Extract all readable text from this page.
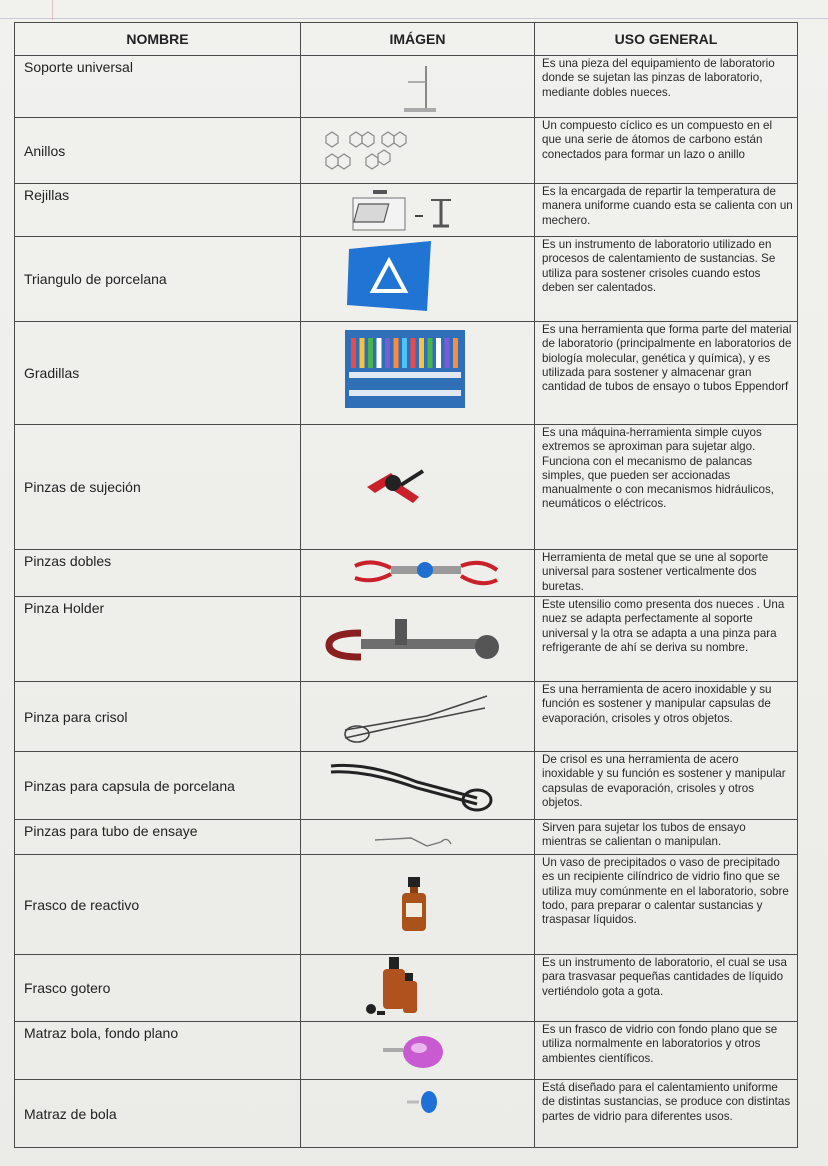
NOMBRE	IMÁGEN	USO GENERAL
Soporte universal		Es una pieza del equipamiento de laboratorio donde se sujetan las pinzas de laboratorio, mediante dobles nueces.
Anillos		Un compuesto cíclico es un compuesto en el que una serie de átomos de carbono están conectados para formar un lazo o anillo
Rejillas		Es la encargada de repartir la temperatura de manera uniforme cuando esta se calienta con un mechero.
Triangulo de porcelana		Es un instrumento de laboratorio utilizado en procesos de calentamiento de sustancias. Se utiliza para sostener crisoles cuando estos deben ser calentados.
Gradillas		Es una herramienta que forma parte del material de laboratorio (principalmente en laboratorios de biología molecular, genética y química), y es utilizada para sostener y almacenar gran cantidad de tubos de ensayo o tubos Eppendorf
Pinzas de sujeción		Es una máquina-herramienta simple cuyos extremos se aproximan para sujetar algo. Funciona con el mecanismo de palancas simples, que pueden ser accionadas manualmente o con mecanismos hidráulicos, neumáticos o eléctricos.
Pinzas dobles		Herramienta de metal que se une al soporte universal para sostener verticalmente dos buretas.
Pinza Holder		Este utensilio como presenta dos nueces . Una nuez se adapta perfectamente al soporte universal y la otra se adapta a una pinza para refrigerante de ahí se deriva su nombre.
Pinza para crisol		Es una herramienta de acero inoxidable y su función es sostener y manipular capsulas de evaporación, crisoles y otros objetos.
Pinzas para capsula de porcelana		De crisol es una herramienta de acero inoxidable y su función es sostener y manipular capsulas de evaporación, crisoles y otros objetos.
Pinzas para tubo de ensaye		Sirven para sujetar los tubos de ensayo mientras se calientan o manipulan.
Frasco de reactivo		Un vaso de precipitados o vaso de precipitado es un recipiente cilíndrico de vidrio fino que se utiliza muy comúnmente en el laboratorio, sobre todo, para preparar o calentar sustancias y traspasar líquidos.
Frasco gotero		Es un instrumento de laboratorio, el cual se usa para trasvasar pequeñas cantidades de líquido vertiéndolo gota a gota.
Matraz bola, fondo plano		Es un frasco de vidrio con fondo plano que se utiliza normalmente en laboratorios y otros ambientes científicos.
Matraz de bola		Está diseñado para el calentamiento uniforme de distintas sustancias, se produce con distintas partes de vidrio para diferentes usos.
